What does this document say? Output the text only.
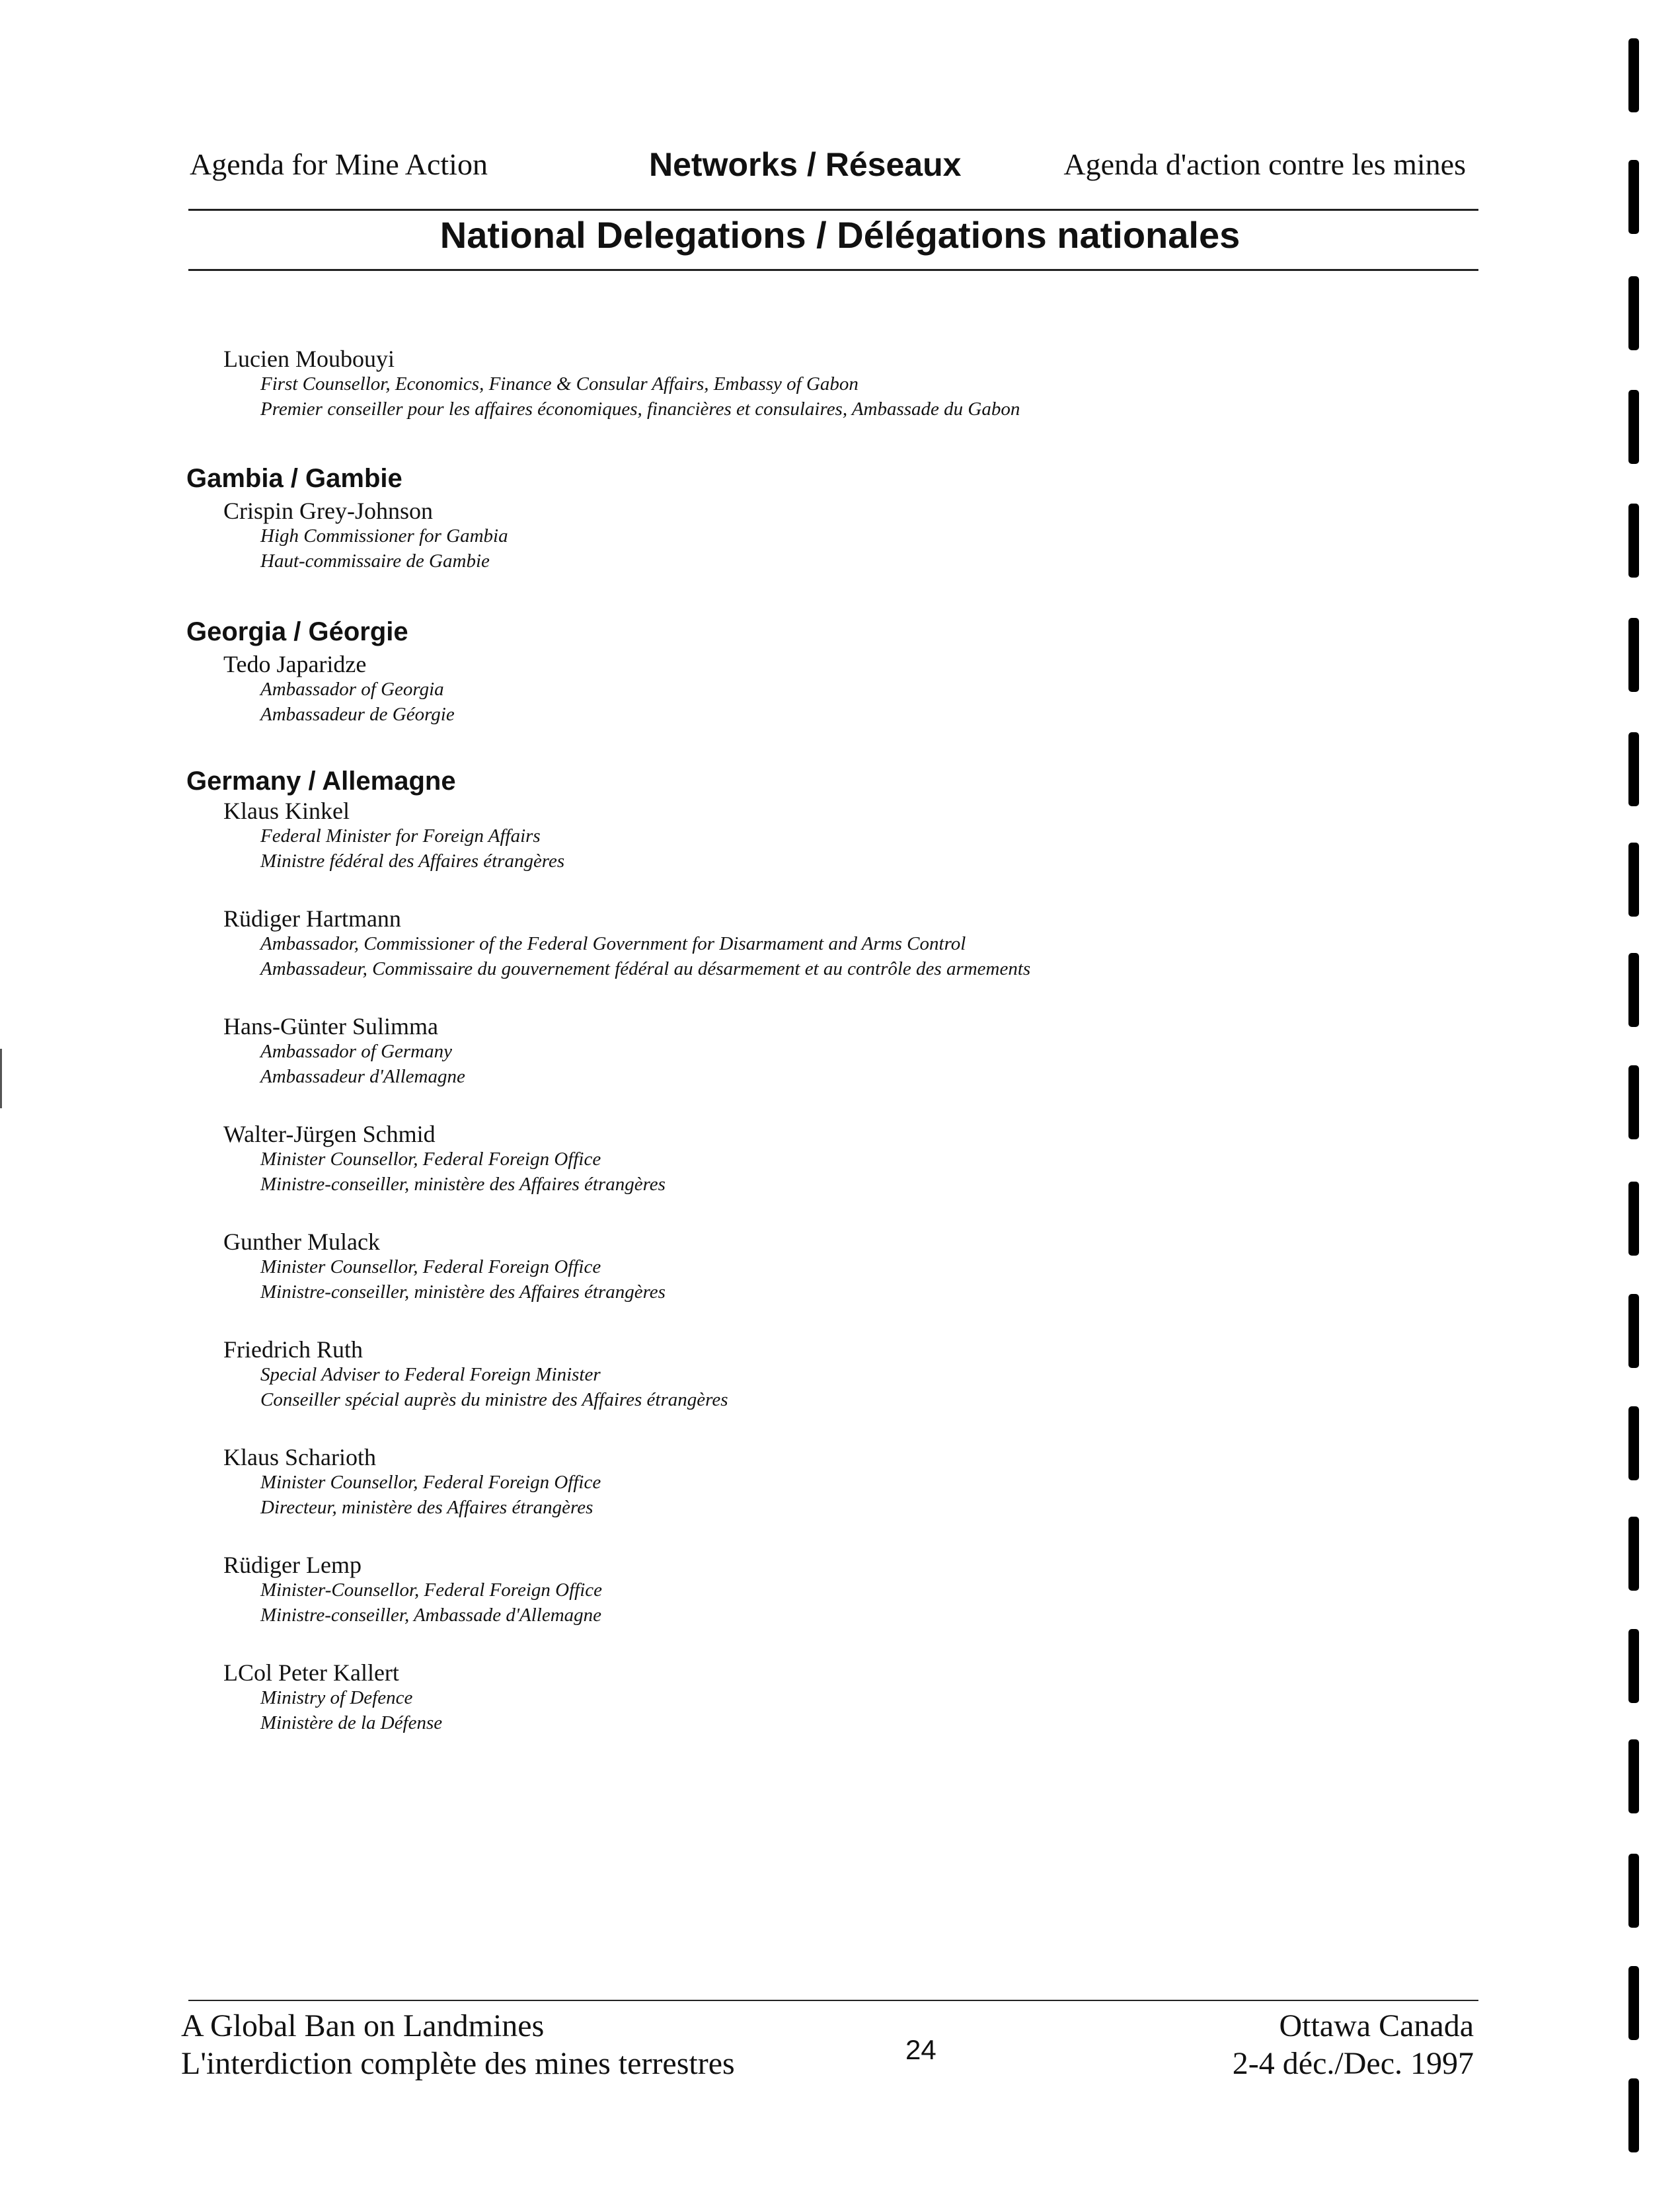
Agenda for Mine Action	Networks / Réseaux	Agenda d'action contre les mines
National Delegations / Délégations nationales
Lucien Moubouyi
First Counsellor, Economics, Finance & Consular Affairs, Embassy of Gabon
Premier conseiller pour les affaires économiques, financières et consulaires, Ambassade du Gabon
Gambia / Gambie
Crispin Grey-Johnson
High Commissioner for Gambia
Haut-commissaire de Gambie
Georgia / Géorgie
Tedo Japaridze
Ambassador of Georgia
Ambassadeur de Géorgie
Germany / Allemagne
Klaus Kinkel
Federal Minister for Foreign Affairs
Ministre fédéral des Affaires étrangères
Rüdiger Hartmann
Ambassador, Commissioner of the Federal Government for Disarmament and Arms Control
Ambassadeur, Commissaire du gouvernement fédéral au désarmement et au contrôle des armements
Hans-Günter Sulimma
Ambassador of Germany
Ambassadeur d'Allemagne
Walter-Jürgen Schmid
Minister Counsellor, Federal Foreign Office
Ministre-conseiller, ministère des Affaires étrangères
Gunther Mulack
Minister Counsellor, Federal Foreign Office
Ministre-conseiller, ministère des Affaires étrangères
Friedrich Ruth
Special Adviser to Federal Foreign Minister
Conseiller spécial auprès du ministre des Affaires étrangères
Klaus Scharioth
Minister Counsellor, Federal Foreign Office
Directeur, ministère des Affaires étrangères
Rüdiger Lemp
Minister-Counsellor, Federal Foreign Office
Ministre-conseiller, Ambassade d'Allemagne
LCol Peter Kallert
Ministry of Defence
Ministère de la Défense
A Global Ban on Landmines
L'interdiction complète des mines terrestres	24
Ottawa Canada
2-4 déc./Dec. 1997
